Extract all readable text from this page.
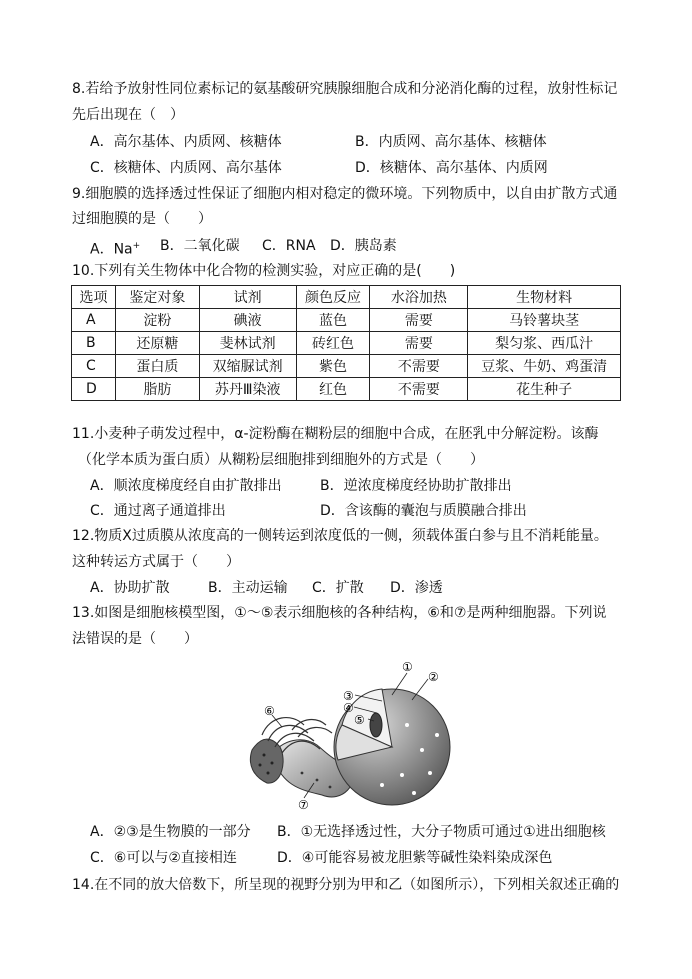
8.若给予放射性同位素标记的氨基酸研究胰腺细胞合成和分泌消化酶的过程，放射性标记
先后出现在（　）
A．高尔基体、内质网、核糖体	B．内质网、高尔基体、核糖体
C．核糖体、内质网、高尔基体	D．核糖体、高尔基体、内质网
9.细胞膜的选择透过性保证了细胞内相对稳定的微环境。下列物质中，以自由扩散方式通
过细胞膜的是（　　）
A．Na+ B．二氧化碳 C．RNA D．胰岛素
10.下列有关生物体中化合物的检测实验，对应正确的是(　　)
选项	鉴定对象	试剂	颜色反应	水浴加热	生物材料
A	淀粉	碘液	蓝色	需要	马铃薯块茎
B	还原糖	斐林试剂	砖红色	需要	梨匀浆、西瓜汁
C	蛋白质	双缩脲试剂	紫色	不需要	豆浆、牛奶、鸡蛋清
D	脂肪	苏丹Ⅲ染液	红色	不需要	花生种子
11.小麦种子萌发过程中，α-淀粉酶在糊粉层的细胞中合成，在胚乳中分解淀粉。该酶
（化学本质为蛋白质）从糊粉层细胞排到细胞外的方式是（　　）
A．顺浓度梯度经自由扩散排出	B．逆浓度梯度经协助扩散排出
C．通过离子通道排出	D．含该酶的囊泡与质膜融合排出
12.物质X过质膜从浓度高的一侧转运到浓度低的一侧，须载体蛋白参与且不消耗能量。
这种转运方式属于（　　）
A．协助扩散	B．主动运输 C．扩散 D．渗透
13.如图是细胞核模型图，①～⑤表示细胞核的各种结构，⑥和⑦是两种细胞器。下列说
法错误的是（　　）
①
②
③
④
⑤
⑥
⑦
A．②③是生物膜的一部分 B．①无选择透过性，大分子物质可通过①进出细胞核
C．⑥可以与②直接相连	D．④可能容易被龙胆紫等碱性染料染成深色
14.在不同的放大倍数下，所呈现的视野分别为甲和乙（如图所示），下列相关叙述正确的
